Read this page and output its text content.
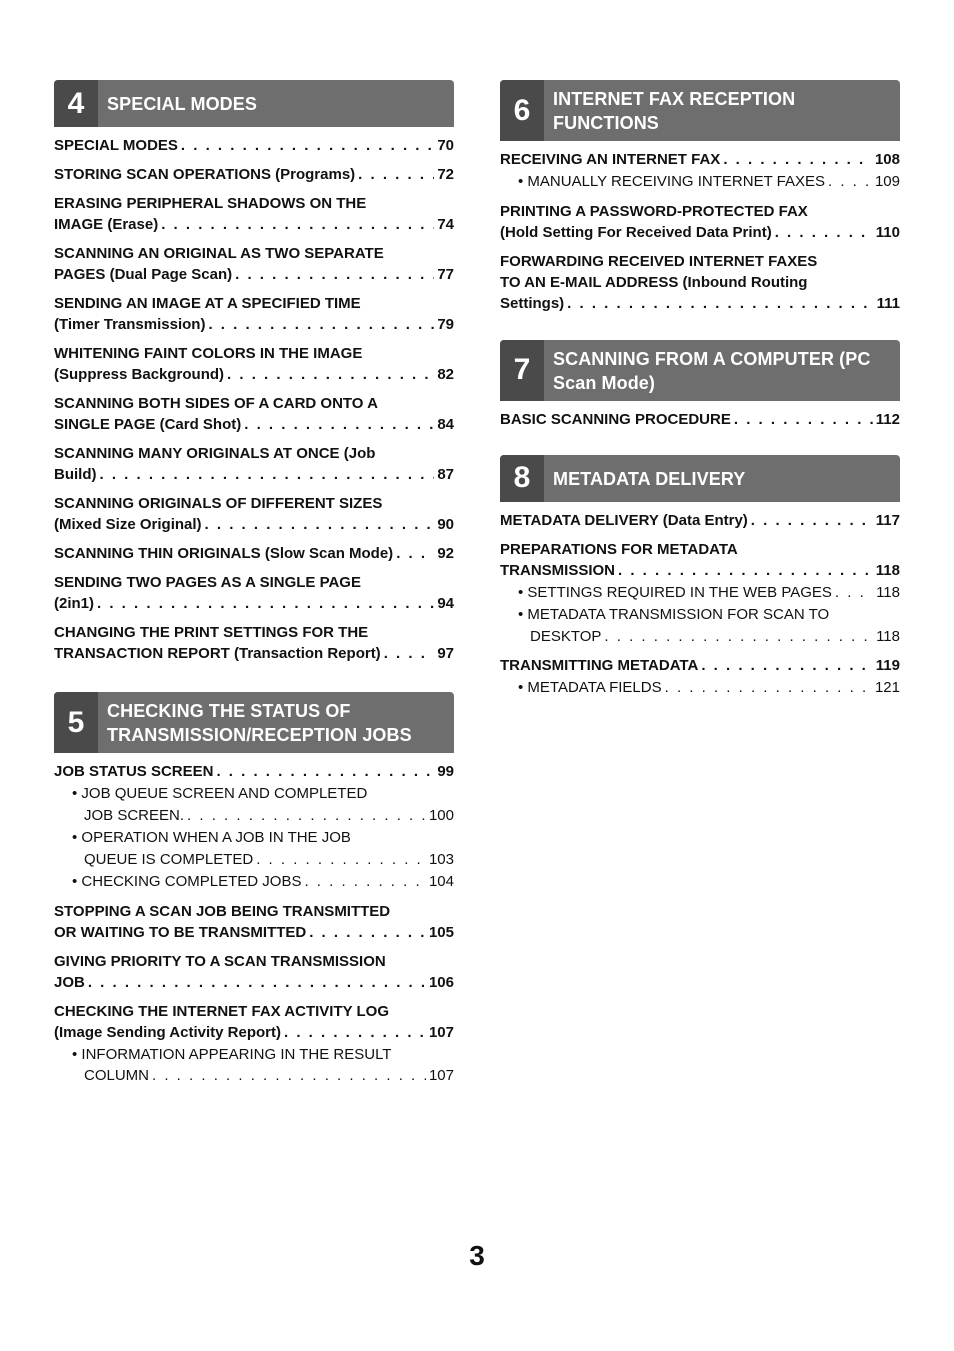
4	SPECIAL MODES
SPECIAL MODES . . .	70
STORING SCAN OPERATIONS (Programs) . . .	72
ERASING PERIPHERAL SHADOWS ON THE
IMAGE (Erase) . . .	74
SCANNING AN ORIGINAL AS TWO SEPARATE
PAGES (Dual Page Scan) . . .	77
SENDING AN IMAGE AT A SPECIFIED TIME
(Timer Transmission) . . .	79
WHITENING FAINT COLORS IN THE IMAGE
(Suppress Background) . . .	82
SCANNING BOTH SIDES OF A CARD ONTO A
SINGLE PAGE (Card Shot) . . .	84
SCANNING MANY ORIGINALS AT ONCE (Job
Build) . . .	87
SCANNING ORIGINALS OF DIFFERENT SIZES
(Mixed Size Original) . . .	90
SCANNING THIN ORIGINALS (Slow Scan Mode) . . .	92
SENDING TWO PAGES AS A SINGLE PAGE
(2in1) . . .	94
CHANGING THE PRINT SETTINGS FOR THE
TRANSACTION REPORT (Transaction Report) . . .	97
5	CHECKING THE STATUS OF
TRANSMISSION/RECEPTION JOBS
JOB STATUS SCREEN . . .	99
• JOB QUEUE SCREEN AND COMPLETED
JOB SCREEN. . . .	100
• OPERATION WHEN A JOB IN THE JOB
QUEUE IS COMPLETED . . .	103
• CHECKING COMPLETED JOBS . . .	104
STOPPING A SCAN JOB BEING TRANSMITTED
OR WAITING TO BE TRANSMITTED . . .	105
GIVING PRIORITY TO A SCAN TRANSMISSION
JOB . . .	106
CHECKING THE INTERNET FAX ACTIVITY LOG
(Image Sending Activity Report) . . .	107
• INFORMATION APPEARING IN THE RESULT
COLUMN . . .	107
6	INTERNET FAX RECEPTION
FUNCTIONS
RECEIVING AN INTERNET FAX . . .	108
• MANUALLY RECEIVING INTERNET FAXES . . .	109
PRINTING A PASSWORD-PROTECTED FAX
(Hold Setting For Received Data Print) . . .	110
FORWARDING RECEIVED INTERNET FAXES
TO AN E-MAIL ADDRESS (Inbound Routing
Settings) . . .	111
7	SCANNING FROM A COMPUTER (PC
Scan Mode)
BASIC SCANNING PROCEDURE . . .	112
8	METADATA DELIVERY
METADATA DELIVERY (Data Entry) . . .	117
PREPARATIONS FOR METADATA
TRANSMISSION . . .	118
• SETTINGS REQUIRED IN THE WEB PAGES . . .	118
• METADATA TRANSMISSION FOR SCAN TO
DESKTOP . . .	118
TRANSMITTING METADATA . . .	119
• METADATA FIELDS . . .	121
3
